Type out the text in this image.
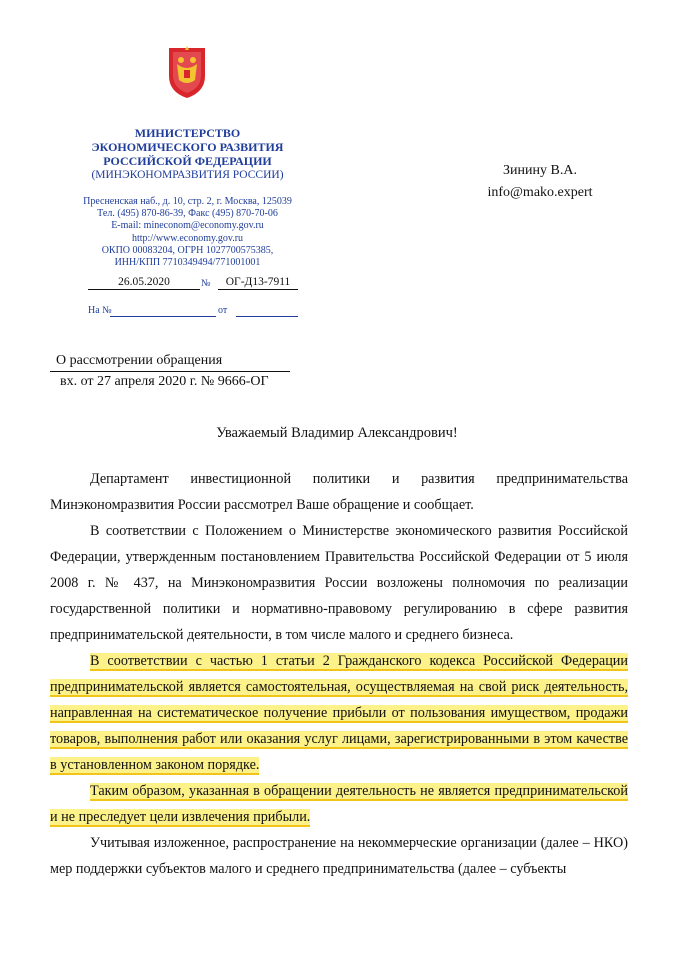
МИНИСТЕРСТВО
ЭКОНОМИЧЕСКОГО РАЗВИТИЯ
РОССИЙСКОЙ ФЕДЕРАЦИИ
(МИНЭКОНОМРАЗВИТИЯ РОССИИ)
Пресненская наб., д. 10, стр. 2, г. Москва, 125039
Тел. (495) 870-86-39, Факс (495) 870-70-06
E-mail: mineconom@economy.gov.ru
http://www.economy.gov.ru
ОКПО 00083204, ОГРН 1027700575385,
ИНН/КПП 7710349494/771001001
26.05.2020	№	ОГ-Д13-7911
На №	от
Зинину В.А.
info@mako.expert
О рассмотрении обращения
вх. от 27 апреля 2020 г. № 9666-ОГ
Уважаемый Владимир Александрович!

Департамент инвестиционной политики и развития предпринимательства Минэкономразвития России рассмотрел Ваше обращение и сообщает.

В соответствии с Положением о Министерстве экономического развития Российской Федерации, утвержденным постановлением Правительства Российской Федерации от 5 июля 2008 г. № 437, на Минэкономразвития России возложены полномочия по реализации государственной политики и нормативно-правовому регулированию в сфере развития предпринимательской деятельности, в том числе малого и среднего бизнеса.

В соответствии с частью 1 статьи 2 Гражданского кодекса Российской Федерации предпринимательской является самостоятельная, осуществляемая на свой риск деятельность, направленная на систематическое получение прибыли от пользования имуществом, продажи товаров, выполнения работ или оказания услуг лицами, зарегистрированными в этом качестве в установленном законом порядке.

Таким образом, указанная в обращении деятельность не является предпринимательской и не преследует цели извлечения прибыли.

Учитывая изложенное, распространение на некоммерческие организации (далее – НКО) мер поддержки субъектов малого и среднего предпринимательства (далее – субъекты
